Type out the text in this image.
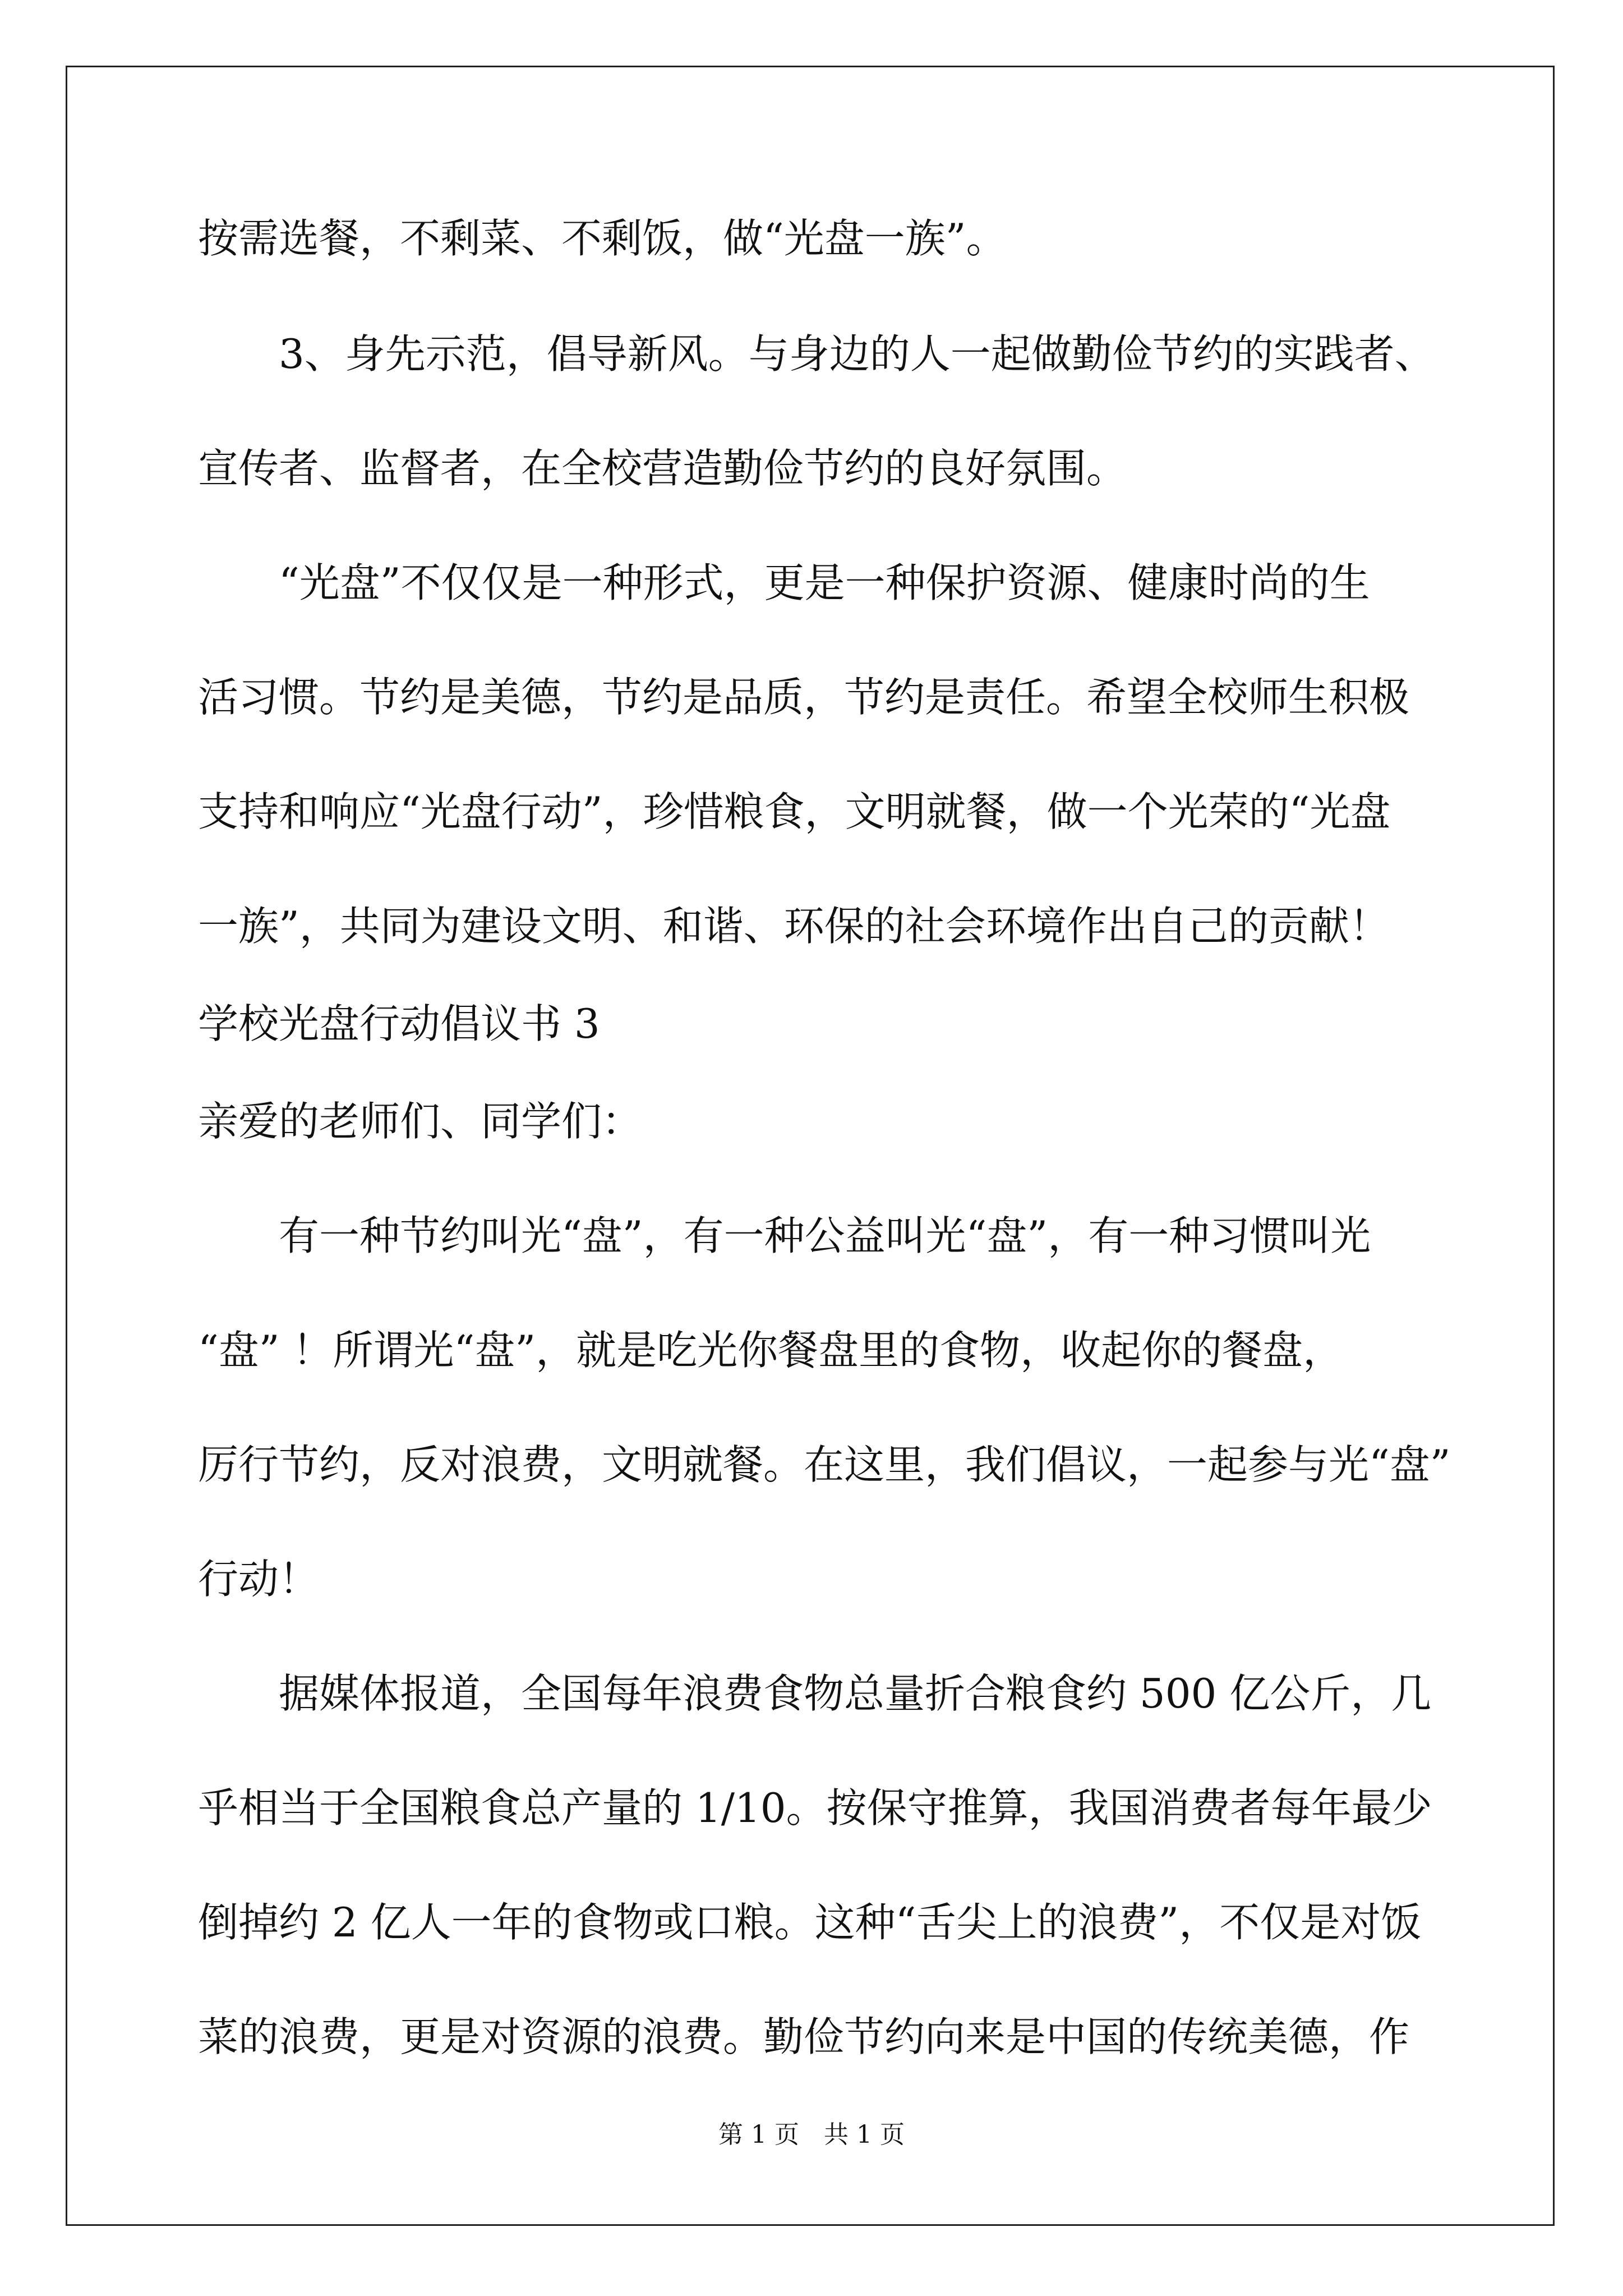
按需选餐，不剩菜、不剩饭，做“光盘一族”。
　　3、身先示范，倡导新风。与身边的人一起做勤俭节约的实践者、
宣传者、监督者，在全校营造勤俭节约的良好氛围。
　　“光盘”不仅仅是一种形式，更是一种保护资源、健康时尚的生
活习惯。节约是美德，节约是品质，节约是责任。希望全校师生积极
支持和响应“光盘行动”，珍惜粮食，文明就餐，做一个光荣的“光盘
一族”，共同为建设文明、和谐、环保的社会环境作出自己的贡献！
学校光盘行动倡议书 3
亲爱的老师们、同学们：
　　有一种节约叫光“盘”，有一种公益叫光“盘”，有一种习惯叫光
“盘” ！所谓光“盘”，就是吃光你餐盘里的食物，收起你的餐盘，
厉行节约，反对浪费，文明就餐。在这里，我们倡议，一起参与光“盘”
行动！
　　据媒体报道，全国每年浪费食物总量折合粮食约 500 亿公斤，几
乎相当于全国粮食总产量的 1/10。按保守推算，我国消费者每年最少
倒掉约 2 亿人一年的食物或口粮。这种“舌尖上的浪费”，不仅是对饭
菜的浪费，更是对资源的浪费。勤俭节约向来是中国的传统美德，作
第 1 页　共 1 页
